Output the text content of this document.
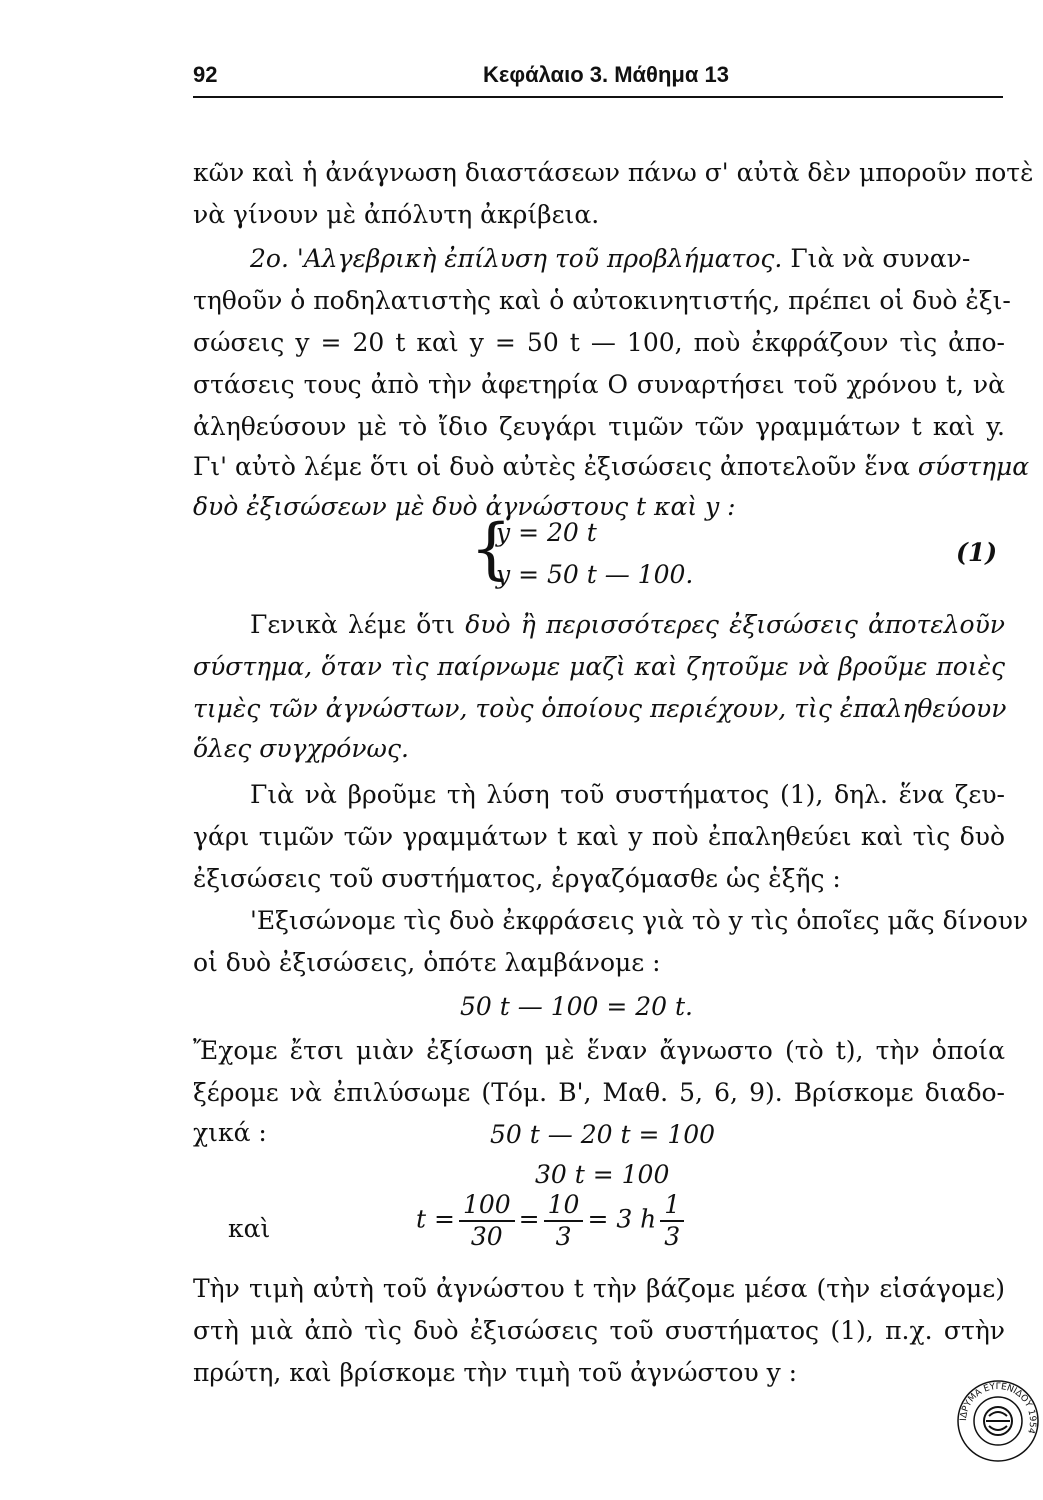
92	Κεφάλαιο 3. Μάθημα 13
κῶν καὶ ἡ ἀνάγνωση διαστάσεων πάνω σ' αὐτὰ δὲν μποροῦν ποτὲ
νὰ γίνουν μὲ ἀπόλυτη ἀκρίβεια.
2ο. 'Αλγεβρικὴ ἐπίλυση τοῦ προβλήματος. Γιὰ νὰ συναν-
τηθοῦν ὁ ποδηλατιστὴς καὶ ὁ αὐτοκινητιστής, πρέπει οἱ δυὸ ἐξι-
σώσεις y = 20 t καὶ y = 50 t — 100, ποὺ ἐκφράζουν τὶς ἀπο-
στάσεις τους ἀπὸ τὴν ἀφετηρία O συναρτήσει τοῦ χρόνου t, νὰ
ἀληθεύσουν μὲ τὸ ἴδιο ζευγάρι τιμῶν τῶν γραμμάτων t καὶ y.
Γι' αὐτὸ λέμε ὅτι οἱ δυὸ αὐτὲς ἐξισώσεις ἀποτελοῦν ἕνα σύστημα
δυὸ ἐξισώσεων μὲ δυὸ ἀγνώστους t καὶ y :
{
y = 20 t
y = 50 t — 100.
(1)
Γενικὰ λέμε ὅτι δυὸ ἢ περισσότερες ἐξισώσεις ἀποτελοῦν
σύστημα, ὅταν τὶς παίρνωμε μαζὶ καὶ ζητοῦμε νὰ βροῦμε ποιὲς
τιμὲς τῶν ἀγνώστων, τοὺς ὁποίους περιέχουν, τὶς ἐπαληθεύουν
ὅλες συγχρόνως.
Γιὰ νὰ βροῦμε τὴ λύση τοῦ συστήματος (1), δηλ. ἕνα ζευ-
γάρι τιμῶν τῶν γραμμάτων t καὶ y ποὺ ἐπαληθεύει καὶ τὶς δυὸ
ἐξισώσεις τοῦ συστήματος, ἐργαζόμασθε ὡς ἑξῆς :
'Εξισώνομε τὶς δυὸ ἐκφράσεις γιὰ τὸ y τὶς ὁποῖες μᾶς δίνουν
οἱ δυὸ ἐξισώσεις, ὁπότε λαμβάνομε :
50 t — 100 = 20 t.
Ἔχομε ἔτσι μιὰν ἐξίσωση μὲ ἕναν ἄγνωστο (τὸ t), τὴν ὁποία
ξέρομε νὰ ἐπιλύσωμε (Τόμ. Β', Μαθ. 5, 6, 9). Βρίσκομε διαδο-
χικά :	50 t — 20 t = 100
30 t = 100
καὶ	$t = \frac{100}{30} = \frac{10}{3} = 3$ h $\frac{1}{3}$
Τὴν τιμὴ αὐτὴ τοῦ ἀγνώστου t τὴν βάζομε μέσα (τὴν εἰσάγομε)
στὴ μιὰ ἀπὸ τὶς δυὸ ἐξισώσεις τοῦ συστήματος (1), π.χ. στὴν
πρώτη, καὶ βρίσκομε τὴν τιμὴ τοῦ ἀγνώστου y :
ΙΔΡΥΜΑ ΕΥΓΕΝΙΔΟΥ 1954
